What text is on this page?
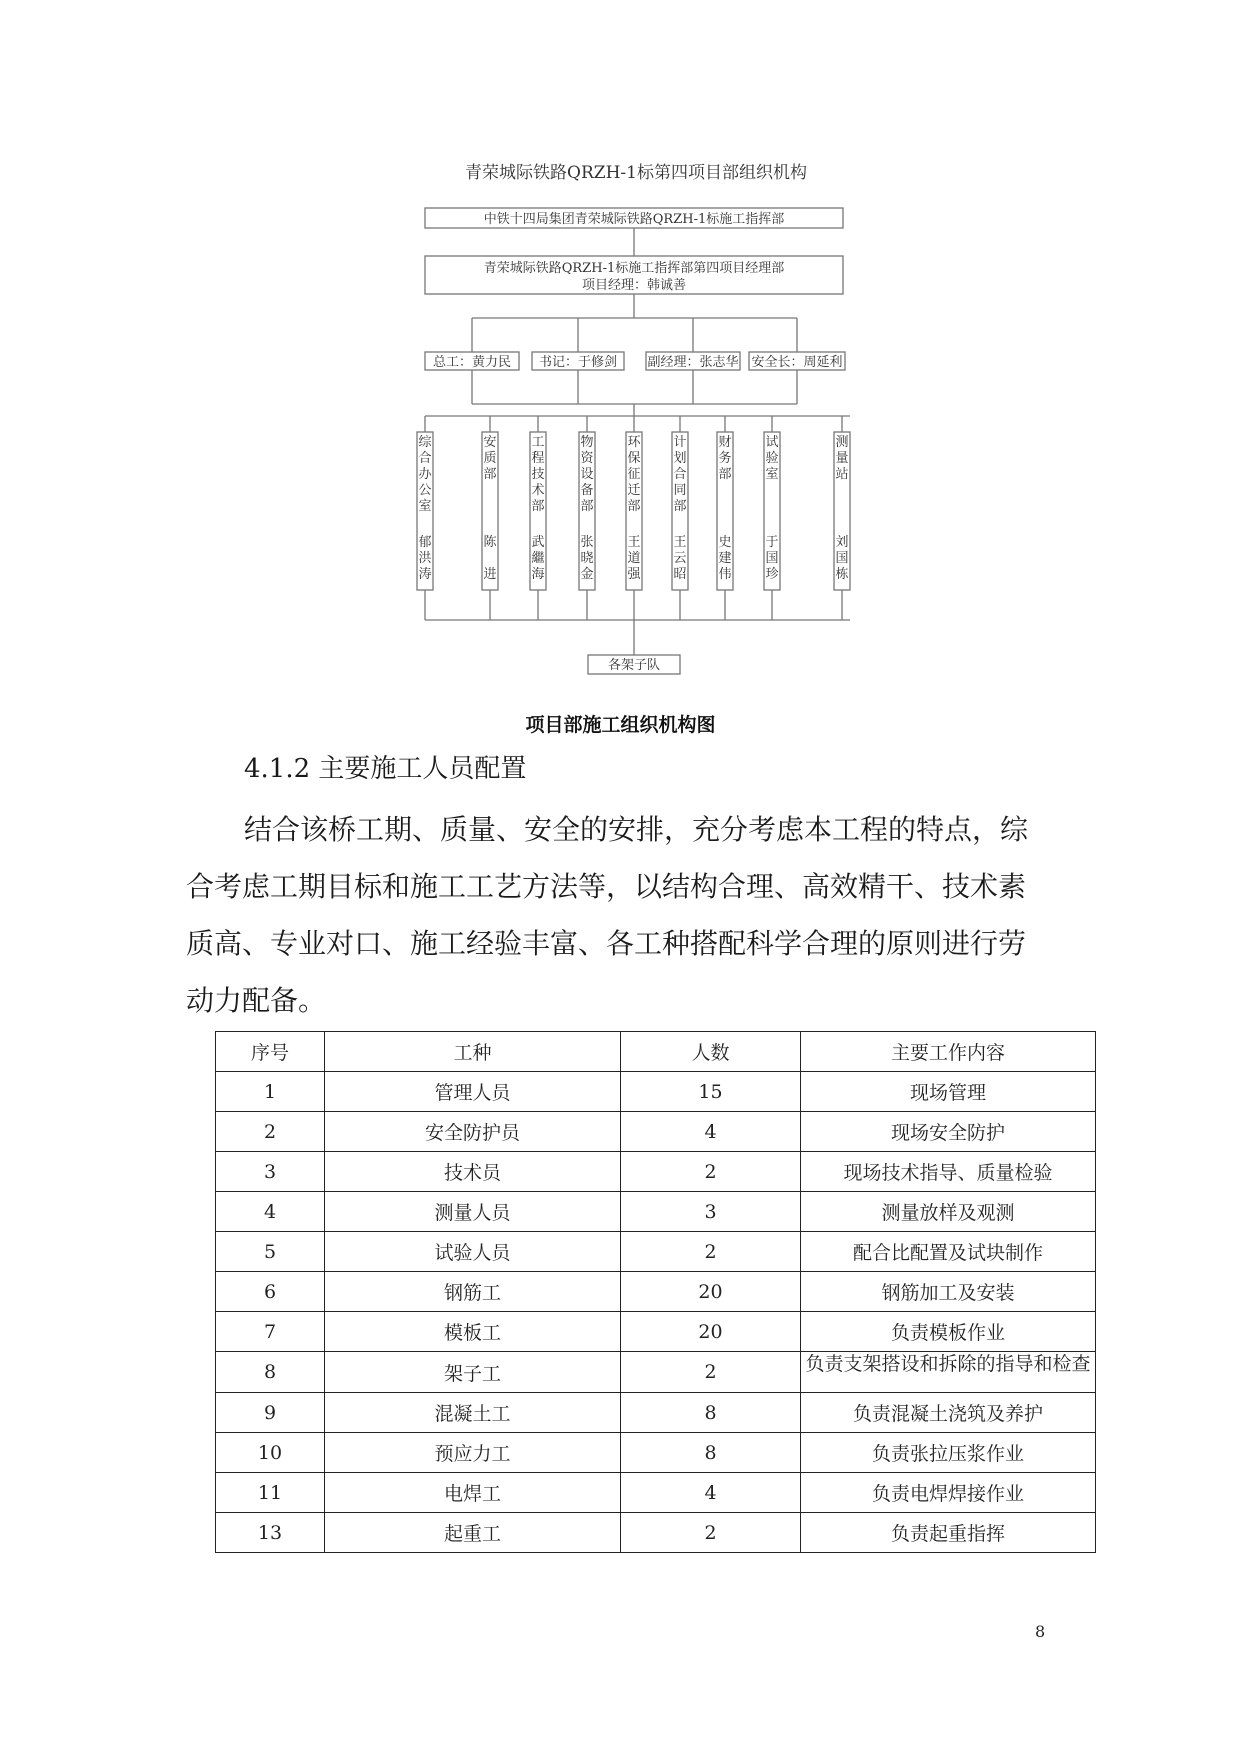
青荣城际铁路QRZH-1标第四项目部组织机构
中铁十四局集团青荣城际铁路QRZH-1标施工指挥部
青荣城际铁路QRZH-1标施工指挥部第四项目经理部
项目经理：韩诚善
总工：黄力民 书记：于修剑 副经理：张志华 安全长：周延利
综合办公室
郁洪涛
安质部
陈进
工程技术部
武繼海
物资设备部
张晓金
环保征迁部
王道强
计划合同部
王云昭
财务部
史建伟
试验室
于国珍
测量站
刘国栋
各架子队
项目部施工组织机构图
4.1.2 主要施工人员配置
结合该桥工期、质量、安全的安排，充分考虑本工程的特点，综
合考虑工期目标和施工工艺方法等，以结构合理、高效精干、技术素
质高、专业对口、施工经验丰富、各工种搭配科学合理的原则进行劳
动力配备。
序号	工种	人数	主要工作内容
1	管理人员	15	现场管理
2	安全防护员	4	现场安全防护
3	技术员	2	现场技术指导、质量检验
4	测量人员	3	测量放样及观测
5	试验人员	2	配合比配置及试块制作
6	钢筋工	20	钢筋加工及安装
7	模板工	20	负责模板作业
8	架子工	2	负责支架搭设和拆除的指导和检查

9	混凝土工	8	负责混凝土浇筑及养护
10	预应力工	8	负责张拉压浆作业
11	电焊工	4	负责电焊焊接作业
13	起重工	2	负责起重指挥
8
